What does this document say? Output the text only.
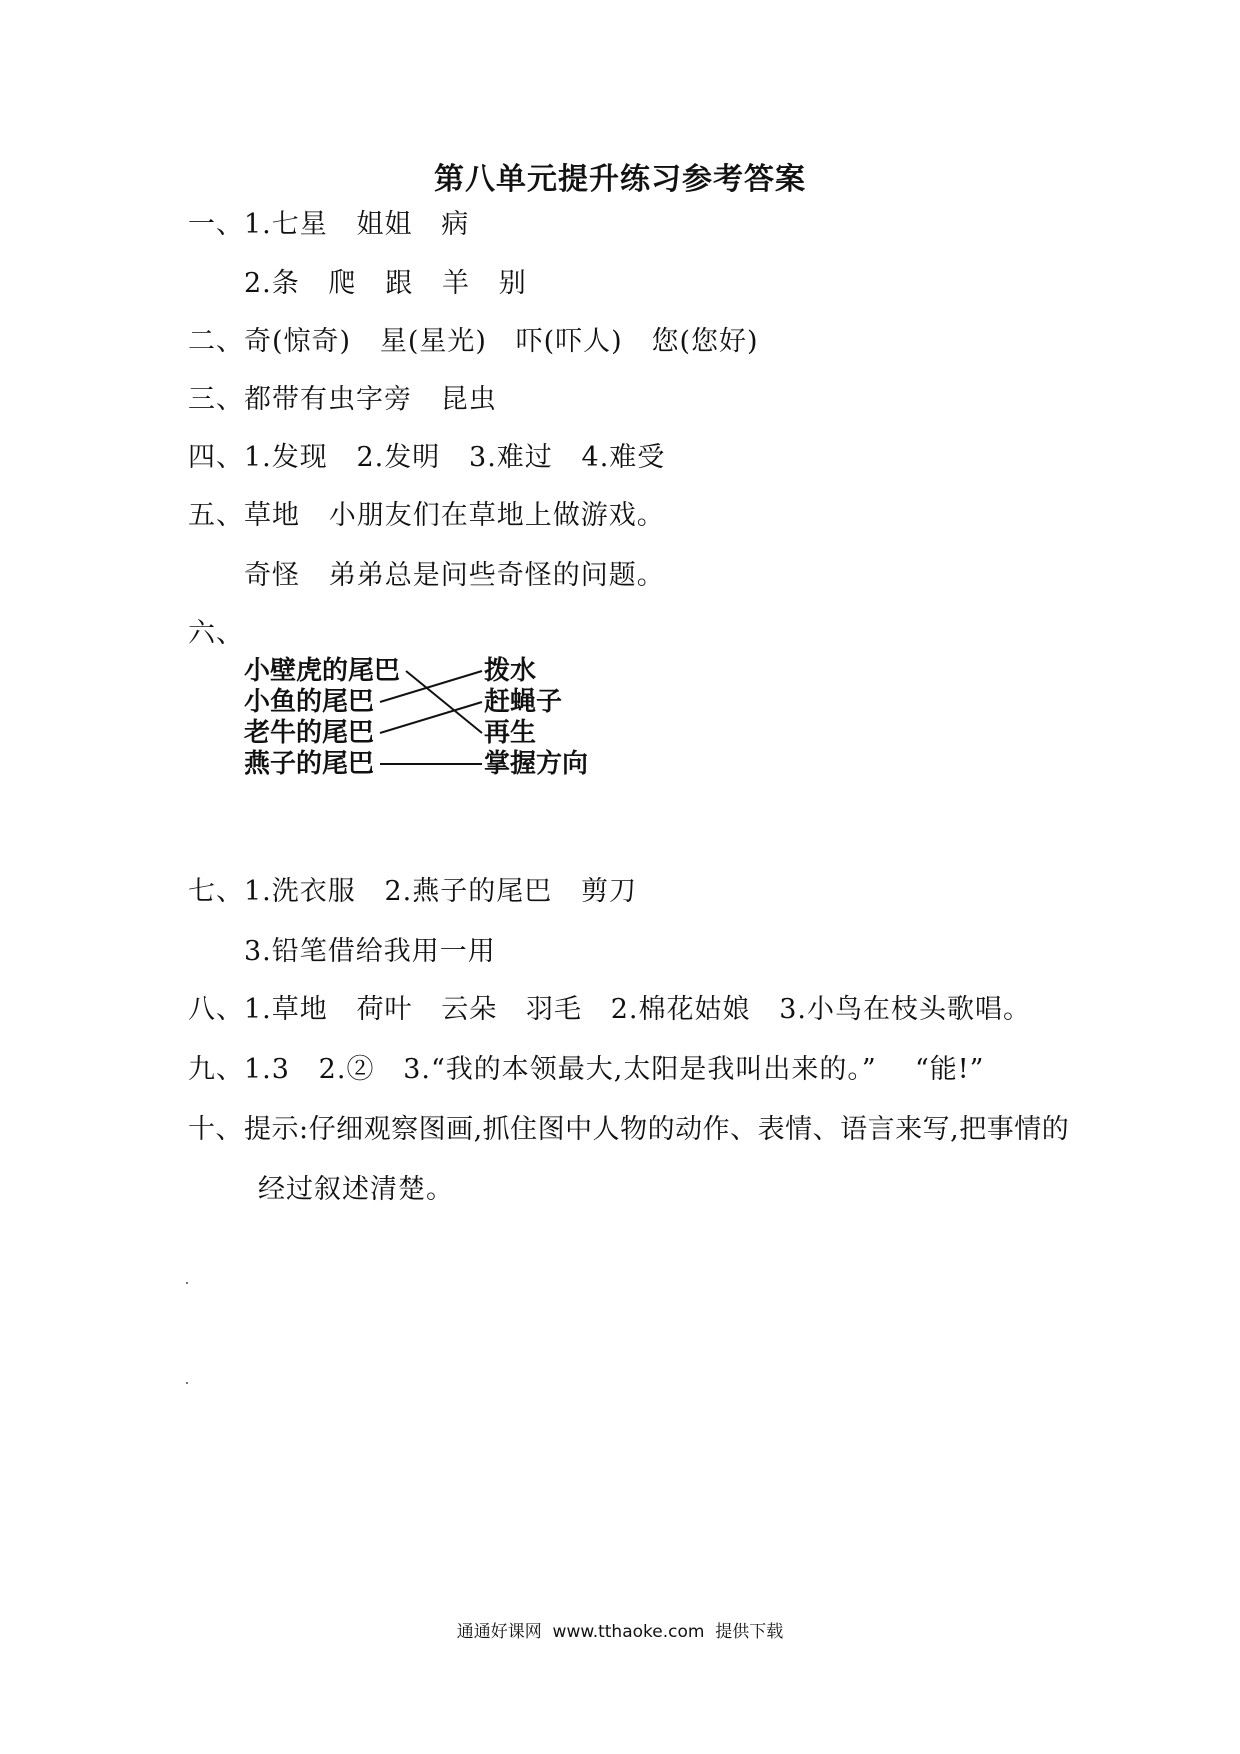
第八单元提升练习参考答案
一、1.七星   姐姐   病
2.条   爬   跟   羊   别
二、奇(惊奇)   星(星光)   吓(吓人)   您(您好)
三、都带有虫字旁   昆虫
四、1.发现   2.发明   3.难过   4.难受
五、草地   小朋友们在草地上做游戏。
奇怪   弟弟总是问些奇怪的问题。
六、
小壁虎的尾巴
小鱼的尾巴
老牛的尾巴
燕子的尾巴
拨水
赶蝇子
再生
掌握方向
七、1.洗衣服   2.燕子的尾巴   剪刀
3.铅笔借给我用一用
八、1.草地   荷叶   云朵   羽毛   2.棉花姑娘   3.小鸟在枝头歌唱。
九、1.3   2.②   3.“我的本领最大,太阳是我叫出来的。”    “能!”
十、提示:仔细观察图画,抓住图中人物的动作、表情、语言来写,把事情的
经过叙述清楚。
通通好课网  www.tthaoke.com  提供下载
